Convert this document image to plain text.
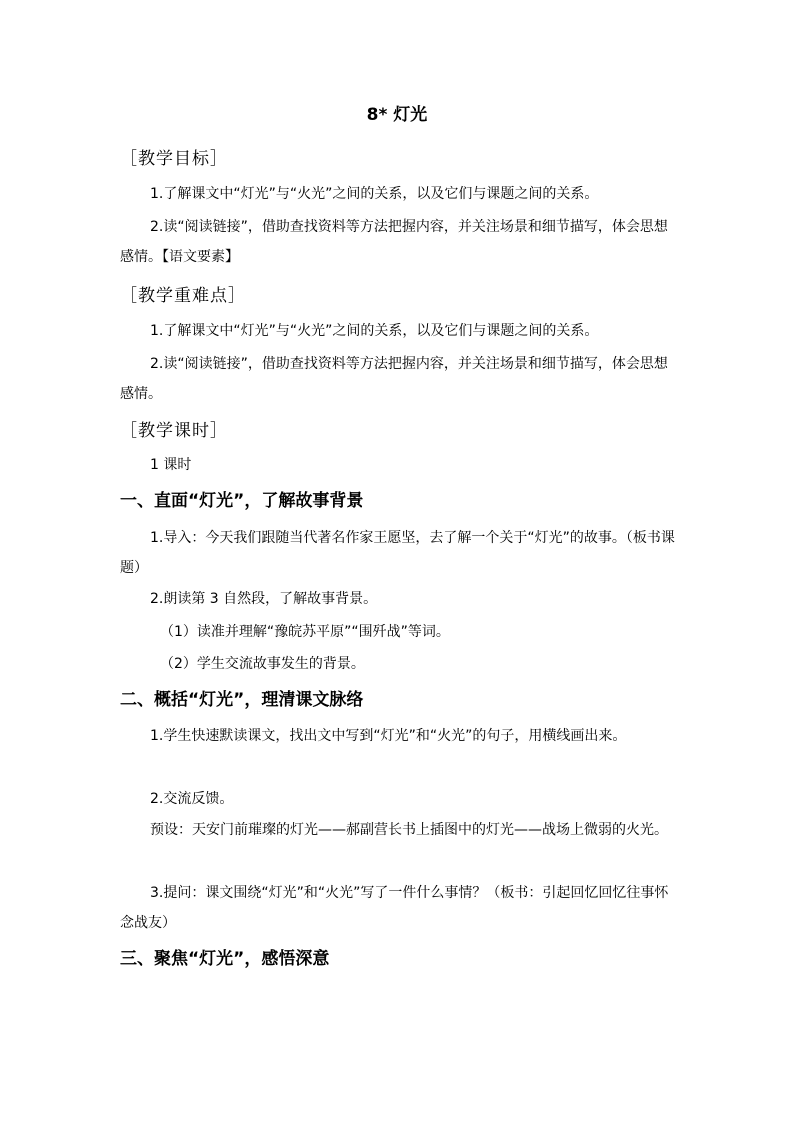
8* 灯光
［教学目标］

1.了解课文中“灯光”与“火光”之间的关系，以及它们与课题之间的关系。

2.读“阅读链接”，借助查找资料等方法把握内容，并关注场景和细节描写，体会思想感情。【语文要素】

［教学重难点］

1.了解课文中“灯光”与“火光”之间的关系，以及它们与课题之间的关系。

2.读“阅读链接”，借助查找资料等方法把握内容，并关注场景和细节描写，体会思想感情。

［教学课时］
1 课时
一、直面“灯光”，了解故事背景

1.导入：今天我们跟随当代著名作家王愿坚，去了解一个关于“灯光”的故事。（板书课题）

2.朗读第 3 自然段，了解故事背景。
（1）读准并理解“豫皖苏平原”“围歼战”等词。
（2）学生交流故事发生的背景。
二、概括“灯光”，理清课文脉络

1.学生快速默读课文，找出文中写到“灯光”和“火光”的句子，用横线画出来。

2.交流反馈。

预设：天安门前璀璨的灯光——郝副营长书上插图中的灯光——战场上微弱的火光。

3.提问：课文围绕“灯光”和“火光”写了一件什么事情？（板书：引起回忆回忆往事怀念战友）

三、聚焦“灯光”，感悟深意
